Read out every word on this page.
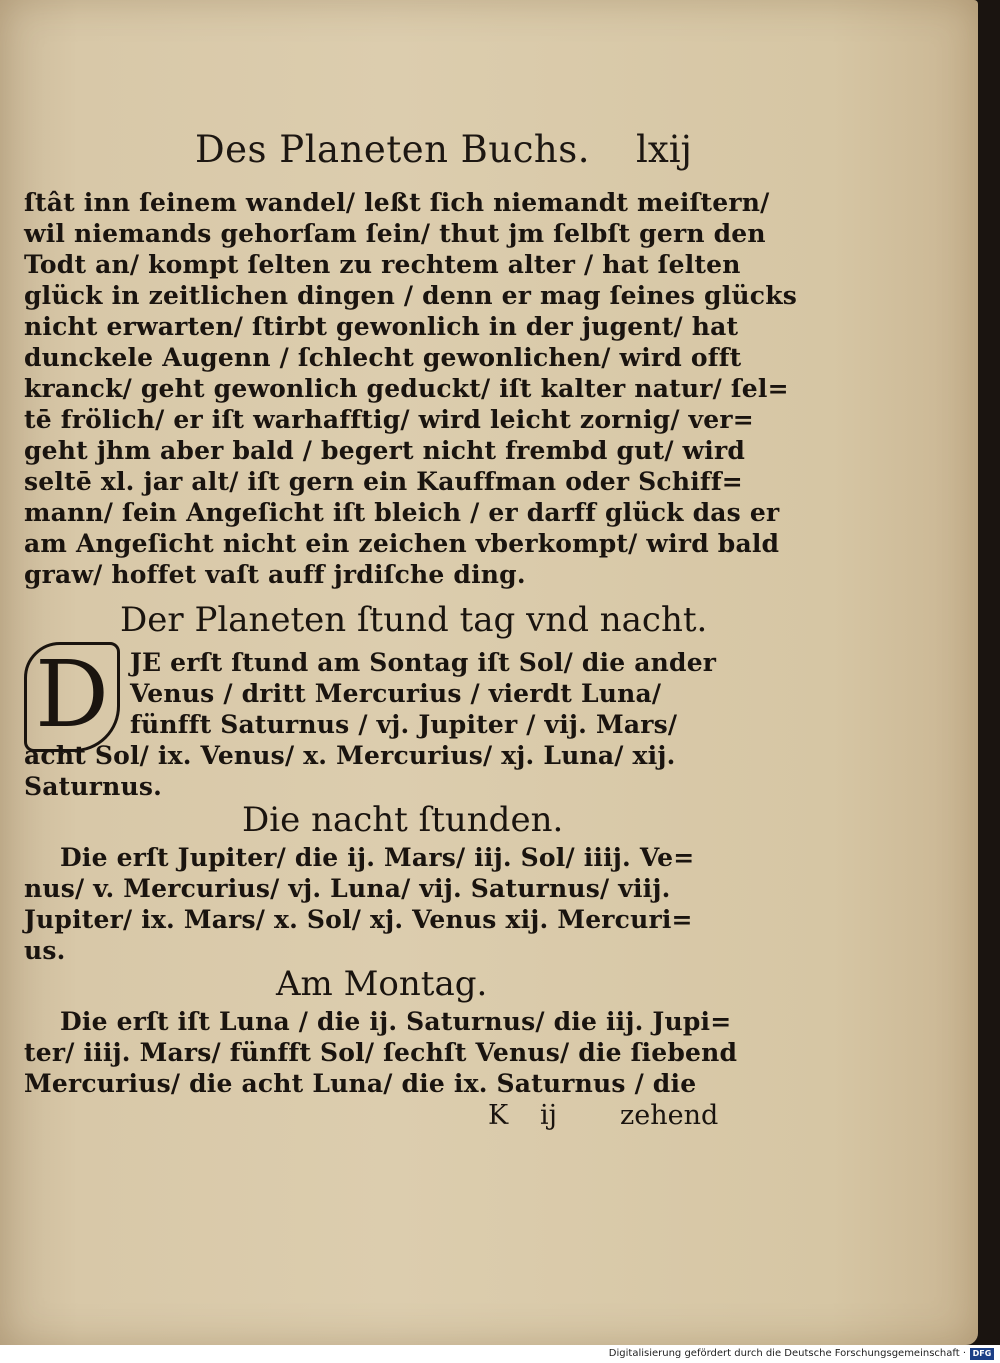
Des Planeten Buchs. lxij
ſtât inn ſeinem wandel/ leßt ſich niemandt meiſtern/
wil niemands gehorſam ſein/ thut jm ſelbſt gern den
Todt an/ kompt ſelten zu rechtem alter / hat ſelten
glück in zeitlichen dingen / denn er mag ſeines glücks
nicht erwarten/ ſtirbt gewonlich in der jugent/ hat
dunckele Augenn / ſchlecht gewonlichen/ wird offt
kranck/ geht gewonlich geduckt/ iſt kalter natur/ ſel=
tē frölich/ er iſt warhafftig/ wird leicht zornig/ ver=
geht jhm aber bald / begert nicht frembd gut/ wird
seltē xl. jar alt/ iſt gern ein Kauffman oder Schiff=
mann/ ſein Angeſicht iſt bleich / er darff glück das er
am Angeſicht nicht ein zeichen vberkompt/ wird bald
graw/ hoffet vaſt auff jrdiſche ding.
Der Planeten ſtund tag vnd nacht.
D JE erſt ſtund am Sontag iſt Sol/ die ander
Venus / dritt Mercurius / vierdt Luna/
fünfft Saturnus / vj. Jupiter / vij. Mars/
acht Sol/ ix. Venus/ x. Mercurius/ xj. Luna/ xij.
Saturnus.
Die nacht ſtunden.
Die erſt Jupiter/ die ij. Mars/ iij. Sol/ iiij. Ve=
nus/ v. Mercurius/ vj. Luna/ vij. Saturnus/ viij.
Jupiter/ ix. Mars/ x. Sol/ xj. Venus xij. Mercuri=
us.
Am Montag.
Die erſt iſt Luna / die ij. Saturnus/ die iij. Jupi=
ter/ iiij. Mars/ fünfft Sol/ ſechſt Venus/ die ſiebend
Mercurius/ die acht Luna/ die ix. Saturnus / die
K ij zehend
Digitalisierung gefördert durch die Deutsche Forschungsgemeinschaft · DFG
